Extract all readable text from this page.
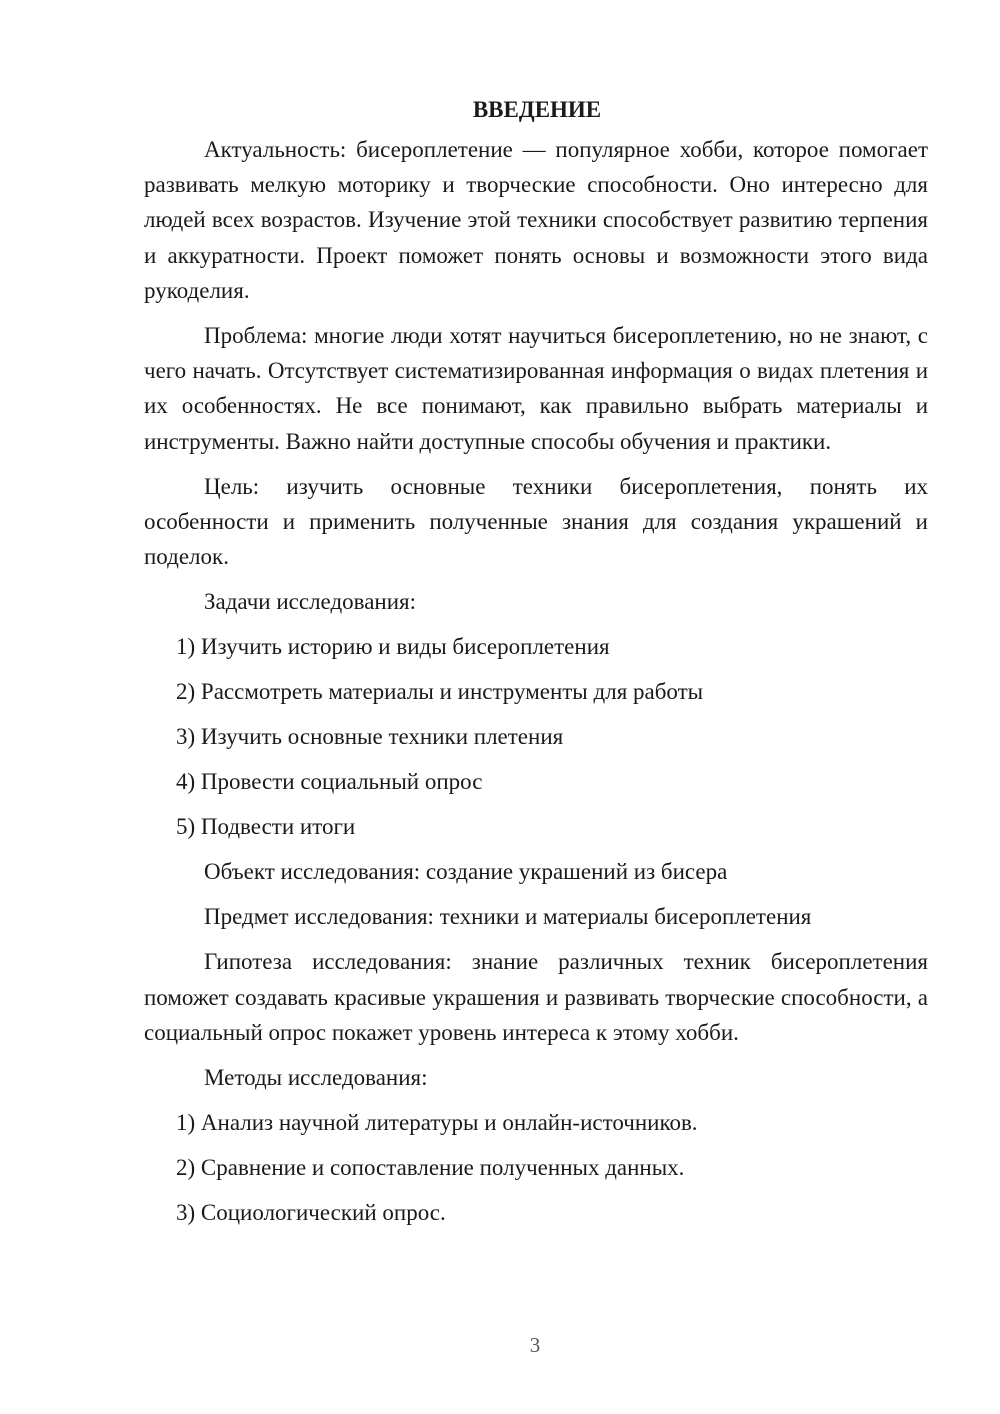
ВВЕДЕНИЕ

Актуальность: бисероплетение — популярное хобби, которое помогает развивать мелкую моторику и творческие способности. Оно интересно для людей всех возрастов. Изучение этой техники способствует развитию терпения и аккуратности. Проект поможет понять основы и возможности этого вида рукоделия.

Проблема: многие люди хотят научиться бисероплетению, но не знают, с чего начать. Отсутствует систематизированная информация о видах плетения и их особенностях. Не все понимают, как правильно выбрать материалы и инструменты. Важно найти доступные способы обучения и практики.

Цель: изучить основные техники бисероплетения, понять их особенности и применить полученные знания для создания украшений и поделок.

Задачи исследования:
1) Изучить историю и виды бисероплетения
2) Рассмотреть материалы и инструменты для работы
3) Изучить основные техники плетения
4) Провести социальный опрос
5) Подвести итоги
Объект исследования: создание украшений из бисера
Предмет исследования: техники и материалы бисероплетения

Гипотеза исследования: знание различных техник бисероплетения поможет создавать красивые украшения и развивать творческие способности, а социальный опрос покажет уровень интереса к этому хобби.

Методы исследования:
1) Анализ научной литературы и онлайн-источников.
2) Сравнение и сопоставление полученных данных.
3) Социологический опрос.
3
